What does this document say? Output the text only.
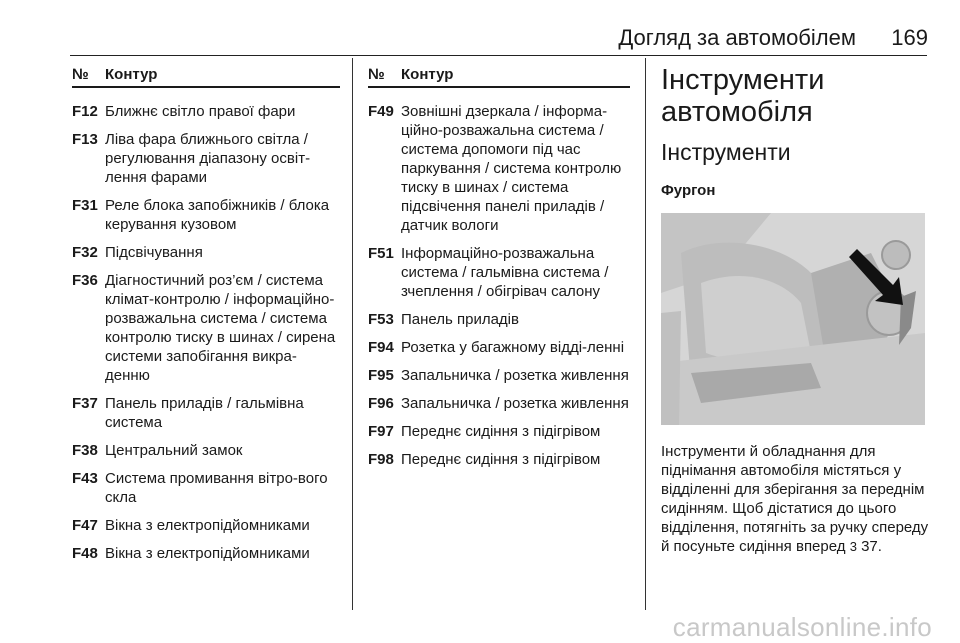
Догляд за автомобілем	169
№	Контур
F12 Ближнє світло правої фари
F13 Ліва фара ближнього світла / регулювання діапазону освіт-лення фарами
F31 Реле блока запобіжників / блока керування кузовом
F32 Підсвічування
F36 Діагностичний роз’єм / система клімат-контролю / інформаційно-розважальна система / система контролю тиску в шинах / сирена системи запобігання викра-денню
F37 Панель приладів / гальмівна система
F38 Центральний замок
F43 Система промивання вітро-вого скла
F47 Вікна з електропідйомниками
F48 Вікна з електропідйомниками
№	Контур
F49 Зовнішні дзеркала / інформа-ційно-розважальна система / система допомоги під час паркування / система контролю тиску в шинах / система підсвічення панелі приладів / датчик вологи
F51 Інформаційно-розважальна система / гальмівна система / зчеплення / обігрівач салону
F53 Панель приладів
F94 Розетка у багажному відді-ленні
F95 Запальничка / розетка живлення
F96 Запальничка / розетка живлення
F97 Переднє сидіння з підігрівом
F98 Переднє сидіння з підігрівом
Інструменти автомобіля
Інструменти
Фургон
Інструменти й обладнання для піднімання автомобіля містяться у відділенні для зберігання за переднім сидінням. Щоб дістатися до цього відділення, потягніть за ручку спереду й посуньте сидіння вперед 3 37.
carmanualsonline.info
